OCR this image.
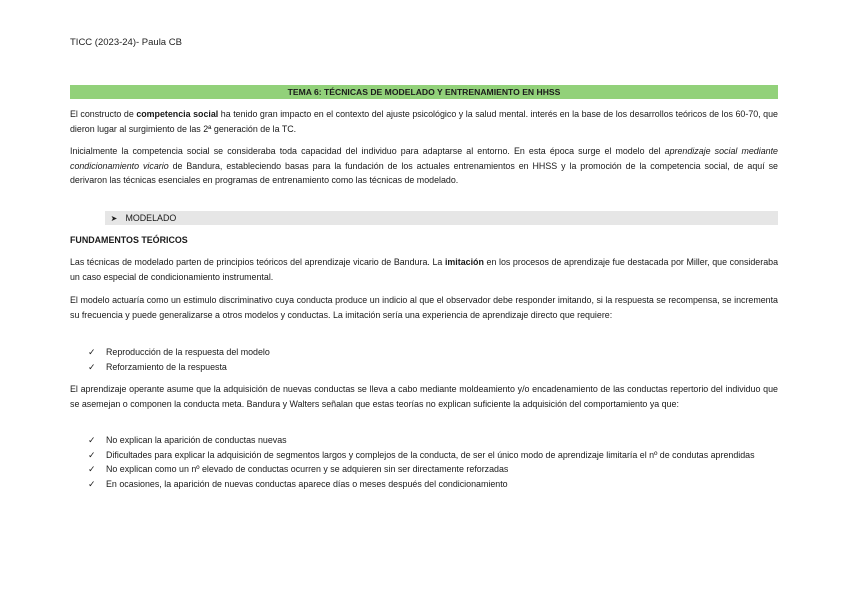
TICC (2023-24)- Paula CB
TEMA 6: TÉCNICAS DE MODELADO Y ENTRENAMIENTO EN HHSS

El constructo de competencia social ha tenido gran impacto en el contexto del ajuste psicológico y la salud mental. interés en la base de los desarrollos teóricos de los 60-70, que dieron lugar al surgimiento de las 2ª generación de la TC.

Inicialmente la competencia social se consideraba toda capacidad del individuo para adaptarse al entorno. En esta época surge el modelo del aprendizaje social mediante condicionamiento vicario de Bandura, estableciendo basas para la fundación de los actuales entrenamientos en HHSS y la promoción de la competencia social, de aquí se derivaron las técnicas esenciales en programas de entrenamiento como las técnicas de modelado.

➤ MODELADO
FUNDAMENTOS TEÓRICOS

Las técnicas de modelado parten de principios teóricos del aprendizaje vicario de Bandura. La imitación en los procesos de aprendizaje fue destacada por Miller, que consideraba un caso especial de condicionamiento instrumental.

El modelo actuaría como un estimulo discriminativo cuya conducta produce un indicio al que el observador debe responder imitando, si la respuesta se recompensa, se incrementa su frecuencia y puede generalizarse a otros modelos y conductas. La imitación sería una experiencia de aprendizaje directo que requiere:

✓ Reproducción de la respuesta del modelo
✓ Reforzamiento de la respuesta

El aprendizaje operante asume que la adquisición de nuevas conductas se lleva a cabo mediante moldeamiento y/o encadenamiento de las conductas repertorio del individuo que se asemejan o componen la conducta meta. Bandura y Walters señalan que estas teorías no explican suficiente la adquisición del comportamiento ya que:

✓ No explican la aparición de conductas nuevas
✓ Dificultades para explicar la adquisición de segmentos largos y complejos de la conducta, de ser el único modo de aprendizaje limitaría el nº de condutas aprendidas
✓ No explican como un nº elevado de conductas ocurren y se adquieren sin ser directamente reforzadas
✓ En ocasiones, la aparición de nuevas conductas aparece días o meses después del condicionamiento
